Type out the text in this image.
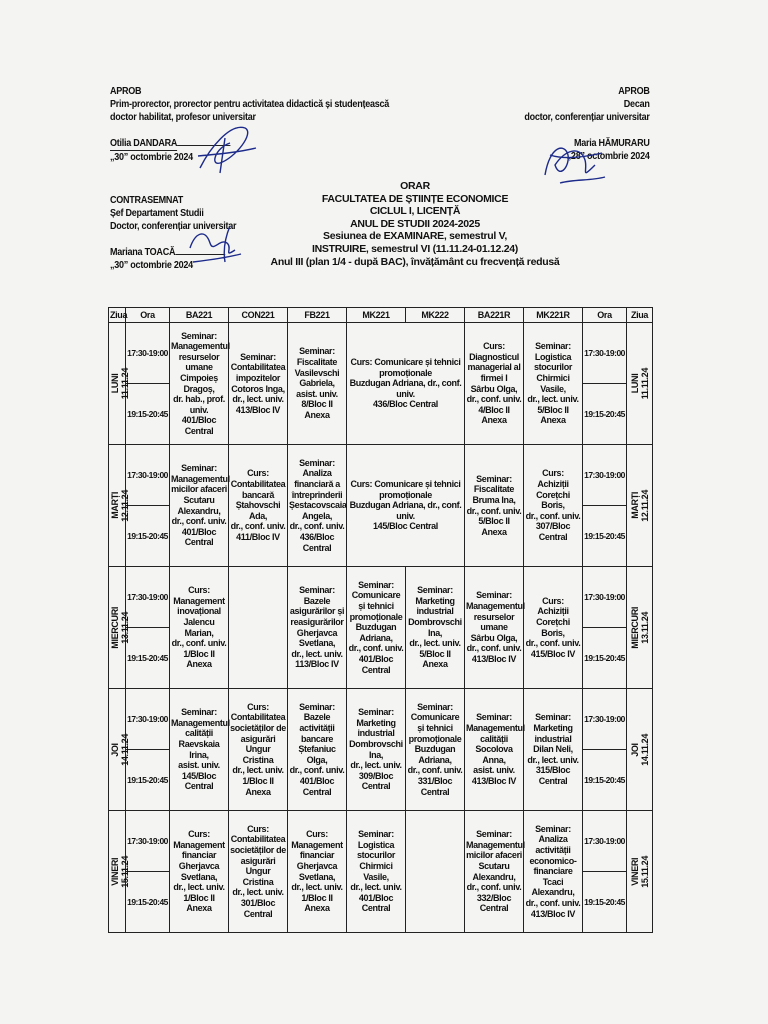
APROB
Prim-prorector, prorector pentru activitatea didactică și studențească
doctor habilitat, profesor universitar
Otilia DANDARA
„30” octombrie 2024
APROB
Decan
doctor, conferențiar universitar
Maria HĂMURARU
„28” octombrie 2024
CONTRASEMNAT
Șef Departament Studii
Doctor, conferențiar universitar
Mariana TOACĂ
„30” octombrie 2024
ORAR
FACULTATEA DE ȘTIINȚE ECONOMICE
CICLUL I, LICENȚĂ
ANUL DE STUDII 2024-2025
Sesiunea de EXAMINARE, semestrul V,
INSTRUIRE, semestrul VI (11.11.24-01.12.24)
Anul III (plan 1/4 - după BAC), învățământ cu frecvență redusă
Ziua	Ora	BA221	CON221	FB221	MK221	MK222	BA221R	MK221R	Ora	Ziua

LUNI
11.11.24	17:30-19:00	Seminar:
Managementul resurselor umane
Cimpoieș Dragoș,
dr. hab., prof. univ.
401/Bloc Central	Seminar:
Contabilitatea impozitelor
Cotoros Inga,
dr., lect. univ.
413/Bloc IV	Seminar:
Fiscalitate
Vasilevschi Gabriela,
asist. univ.
8/Bloc II Anexa	Curs: Comunicare și tehnici promoționale
Buzdugan Adriana, dr., conf. univ.
436/Bloc Central		Curs:
Diagnosticul managerial al firmei I
Sârbu Olga,
dr., conf. univ.
4/Bloc II Anexa	Seminar:
Logistica stocurilor
Chirmici Vasile,
dr., lect. univ.
5/Bloc II Anexa	17:30-19:00	LUNI
11.11.24

	19:15-20:45								19:15-20:45	

MARȚI
12.11.24	17:30-19:00	Seminar:
Managementul micilor afaceri
Scutaru Alexandru,
dr., conf. univ.
401/Bloc Central	Curs:
Contabilitatea bancară
Ștahovschi Ada,
dr., conf. univ.
411/Bloc IV	Seminar:
Analiza financiară a întreprinderii
Șestacovscaia Angela,
dr., conf. univ.
436/Bloc Central	Curs: Comunicare și tehnici promoționale
Buzdugan Adriana, dr., conf. univ.
145/Bloc Central		Seminar:
Fiscalitate
Bruma Ina,
dr., conf. univ.
5/Bloc II Anexa	Curs:
Achiziții
Corețchi Boris,
dr., conf. univ.
307/Bloc Central	17:30-19:00	MARȚI
12.11.24

	19:15-20:45								19:15-20:45	

MIERCURI
13.11.24	17:30-19:00	Curs:
Management inovațional
Jalencu Marian,
dr., conf. univ.
1/Bloc II Anexa		Seminar:
Bazele asigurărilor și reasigurărilor
Gherjavca Svetlana,
dr., lect. univ.
113/Bloc IV	Seminar:
Comunicare și tehnici promoționale
Buzdugan Adriana,
dr., conf. univ.
401/Bloc Central	Seminar:
Marketing industrial
Dombrovschi Ina,
dr., lect. univ.
5/Bloc II Anexa	Seminar:
Managementul resurselor umane
Sârbu Olga,
dr., conf. univ.
413/Bloc IV	Curs:
Achiziții
Corețchi Boris,
dr., conf. univ.
415/Bloc IV	17:30-19:00	MIERCURI
13.11.24

	19:15-20:45								19:15-20:45	

JOI
14.11.24	17:30-19:00	Seminar:
Managementul calității
Raevskaia Irina,
asist. univ.
145/Bloc Central	Curs:
Contabilitatea societăților de asigurări
Ungur Cristina
dr., lect. univ.
1/Bloc II Anexa	Seminar:
Bazele activității bancare
Ștefaniuc Olga,
dr., conf. univ.
401/Bloc Central	Seminar:
Marketing industrial
Dombrovschi Ina,
dr., lect. univ.
309/Bloc Central	Seminar:
Comunicare și tehnici promoționale
Buzdugan Adriana,
dr., conf. univ.
331/Bloc Central	Seminar:
Managementul calității
Socolova Anna,
asist. univ.
413/Bloc IV	Seminar:
Marketing industrial
Dilan Neli,
dr., lect. univ.
315/Bloc Central	17:30-19:00	JOI
14.11.24

	19:15-20:45								19:15-20:45	

VINERI
15.11.24	17:30-19:00	Curs:
Management financiar
Gherjavca Svetlana,
dr., lect. univ.
1/Bloc II Anexa	Curs:
Contabilitatea societăților de asigurări
Ungur Cristina
dr., lect. univ.
301/Bloc Central	Curs:
Management financiar
Gherjavca Svetlana,
dr., lect. univ.
1/Bloc II Anexa	Seminar:
Logistica stocurilor
Chirmici Vasile,
dr., lect. univ.
401/Bloc Central		Seminar:
Managementul micilor afaceri
Scutaru Alexandru,
dr., conf. univ.
332/Bloc Central	Seminar:
Analiza activității economico-financiare
Tcaci Alexandru,
dr., conf. univ.
413/Bloc IV	17:30-19:00	VINERI
15.11.24

	19:15-20:45								19:15-20:45	
